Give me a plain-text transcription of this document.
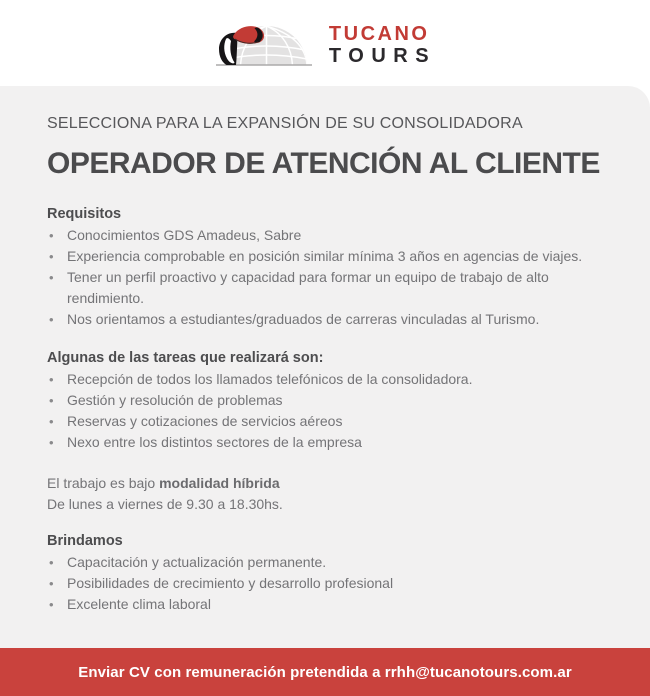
TUCANO
TOURS
SELECCIONA PARA LA EXPANSIÓN DE SU CONSOLIDADORA
OPERADOR DE ATENCIÓN AL CLIENTE
Requisitos
• Conocimientos GDS Amadeus, Sabre
• Experiencia comprobable en posición similar mínima 3 años en agencias de viajes.
• Tener un perfil proactivo y capacidad para formar un equipo de trabajo de alto rendimiento.
• Nos orientamos a estudiantes/graduados de carreras vinculadas al Turismo.
Algunas de las tareas que realizará son:
• Recepción de todos los llamados telefónicos de la consolidadora.
• Gestión y resolución de problemas
• Reservas y cotizaciones de servicios aéreos
• Nexo entre los distintos sectores de la empresa

El trabajo es bajo modalidad híbrida

De lunes a viernes de 9.30 a 18.30hs.

Brindamos
• Capacitación y actualización permanente.
• Posibilidades de crecimiento y desarrollo profesional
• Excelente clima laboral
Enviar CV con remuneración pretendida a rrhh@tucanotours.com.ar
